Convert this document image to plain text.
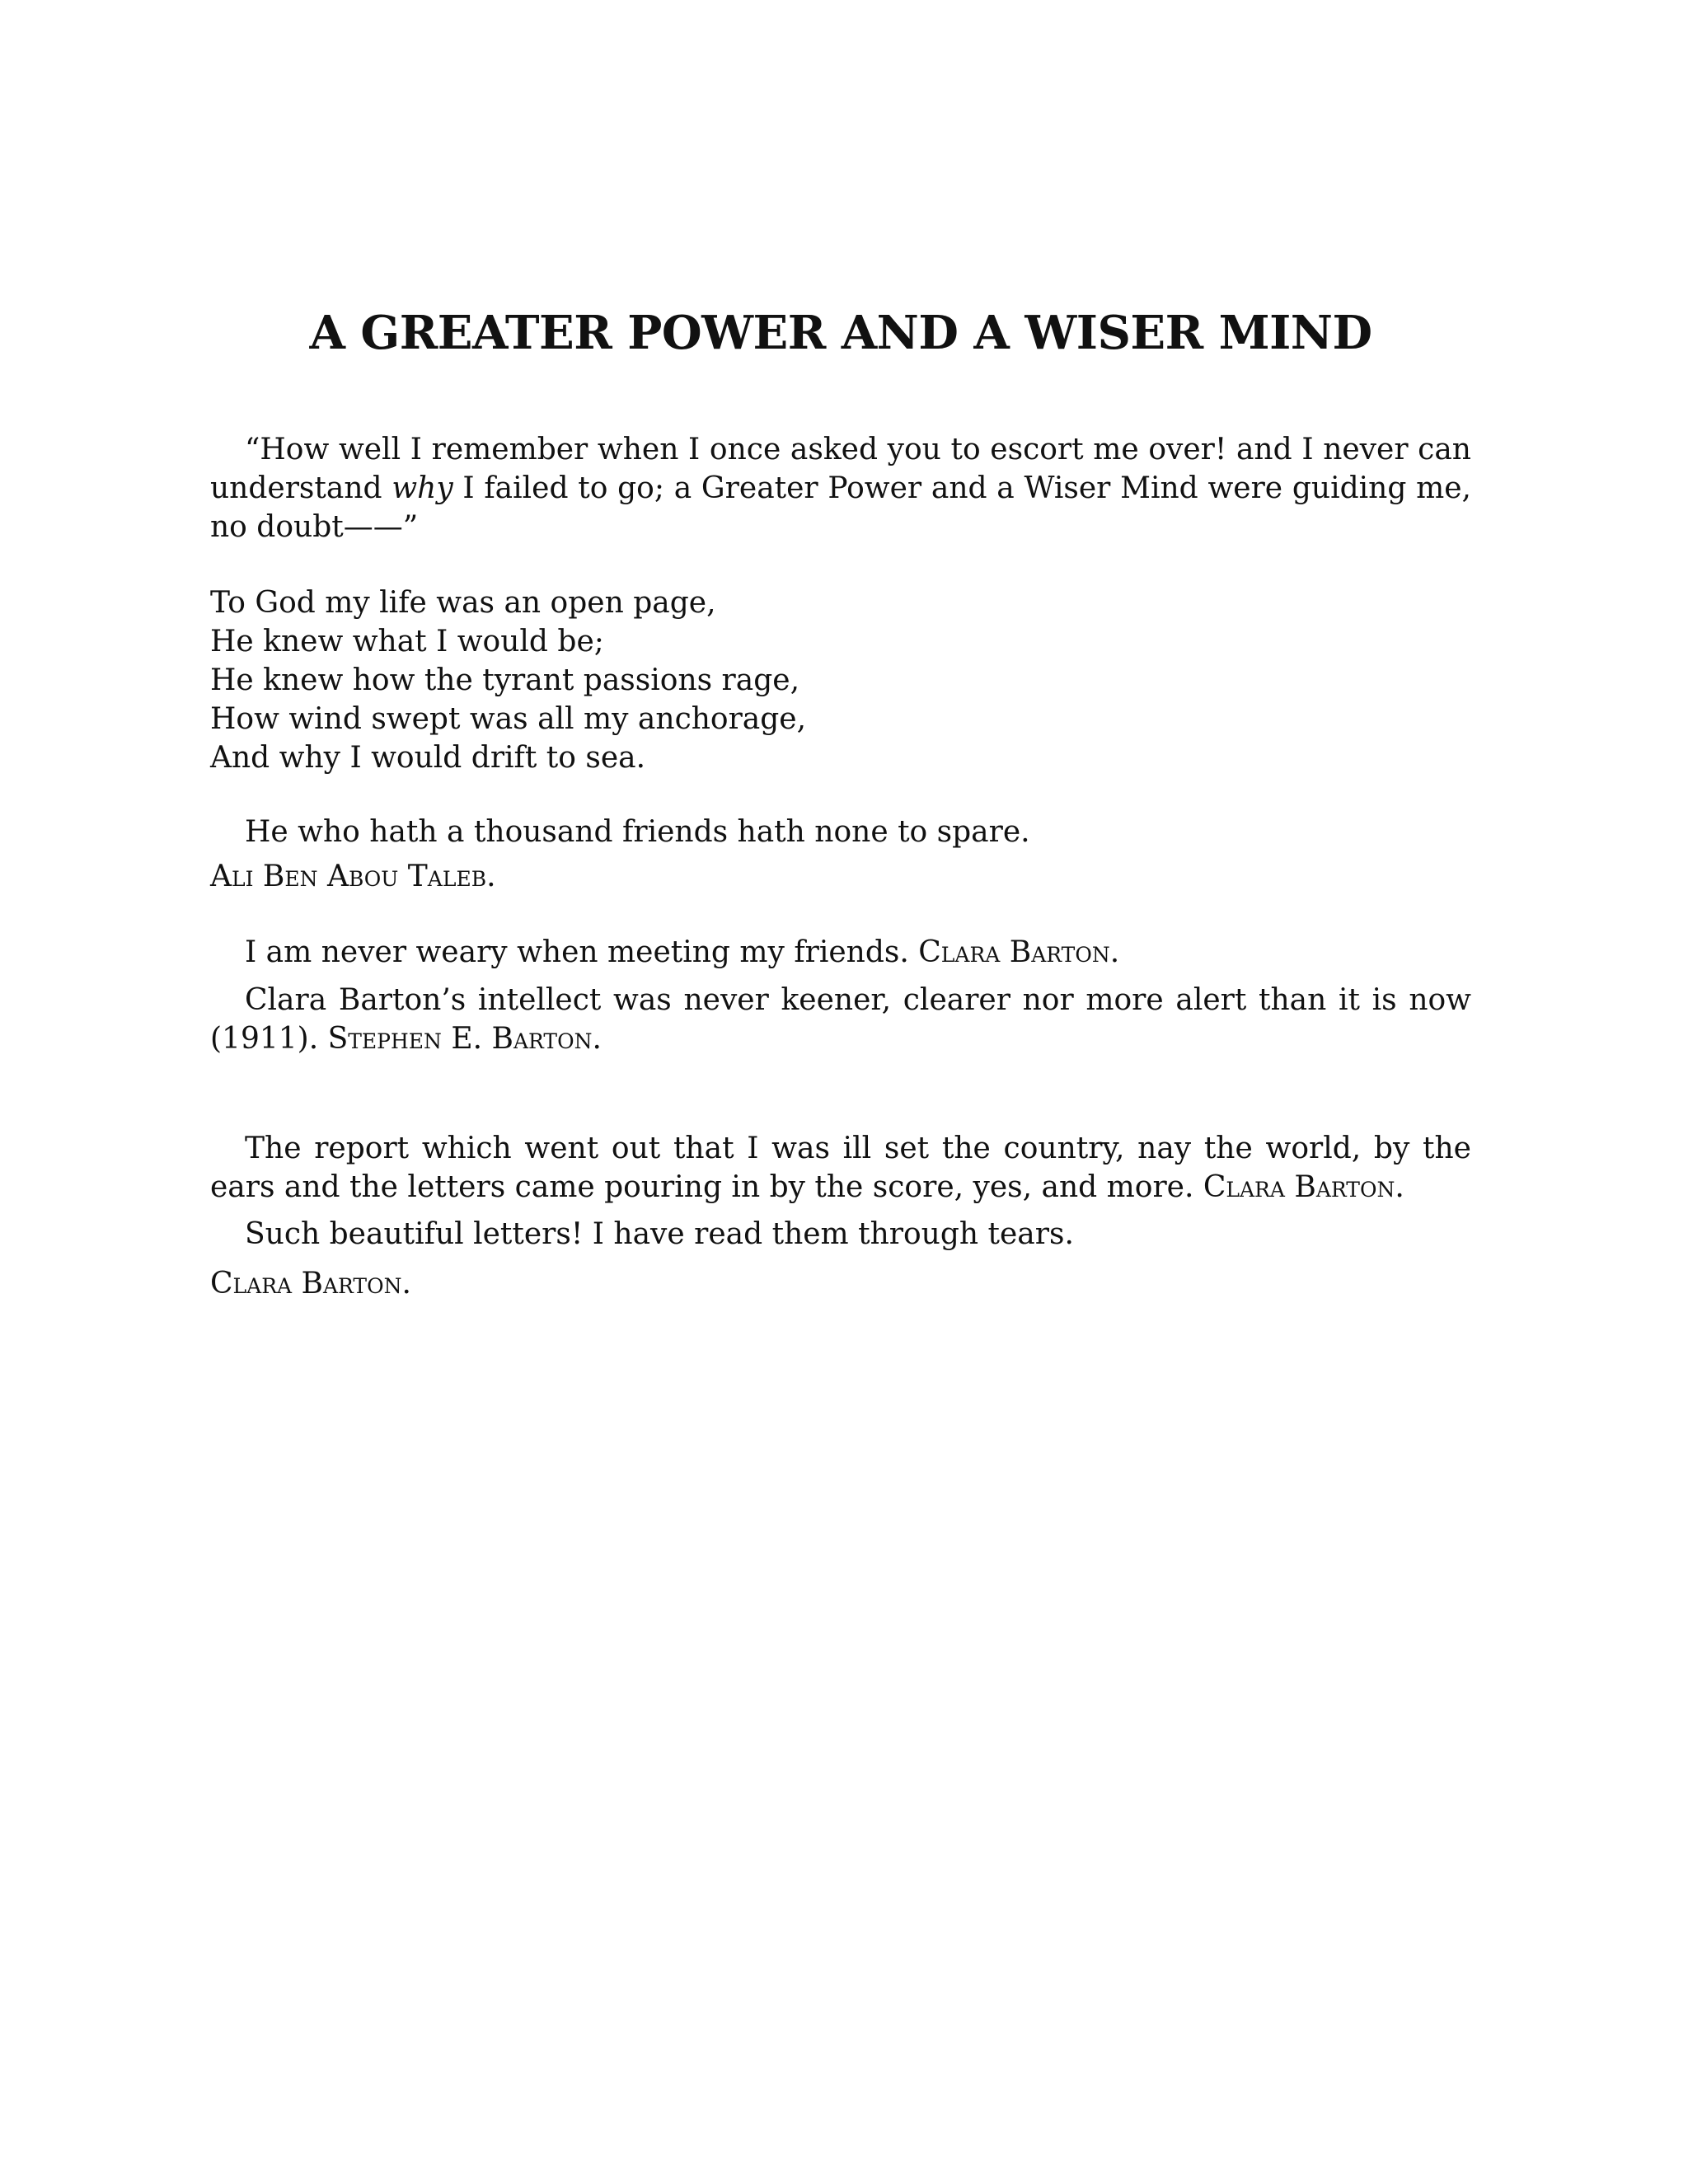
A GREATER POWER AND A WISER MIND

“How well I remember when I once asked you to escort me over! and I never can understand why I failed to go; a Greater Power and a Wiser Mind were guiding me, no doubt——”

To God my life was an open page,
He knew what I would be;
He knew how the tyrant passions rage,
How wind swept was all my anchorage,
And why I would drift to sea.

He who hath a thousand friends hath none to spare.

Ali Ben Abou Taleb.

I am never weary when meeting my friends. Clara Barton.

Clara Barton’s intellect was never keener, clearer nor more alert than it is now (1911). Stephen E. Barton.

The report which went out that I was ill set the country, nay the world, by the ears and the letters came pouring in by the score, yes, and more. Clara Barton.

Such beautiful letters! I have read them through tears.

Clara Barton.
